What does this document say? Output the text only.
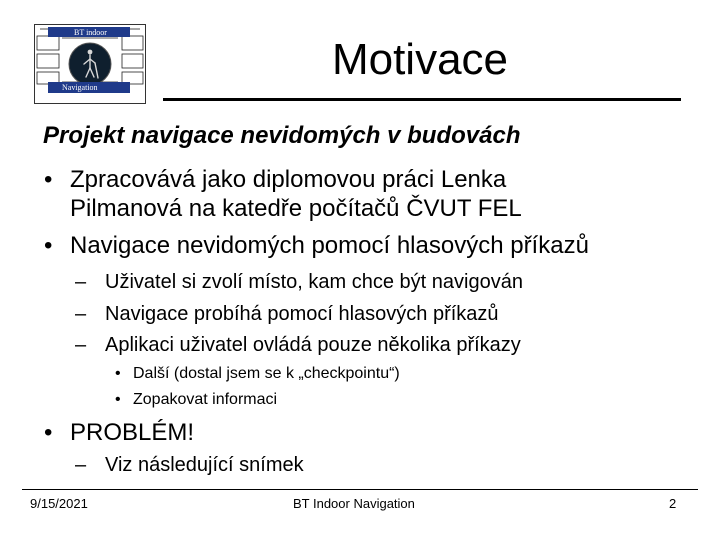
BT indoor
Navigation
Motivace
Projekt navigace nevidomých v budovách
• Zpracovává jako diplomovou práci Lenka
Pilmanová na katedře počítačů ČVUT FEL
• Navigace nevidomých pomocí hlasových příkazů
– Uživatel si zvolí místo, kam chce být navigován
– Navigace probíhá pomocí hlasových příkazů
– Aplikaci uživatel ovládá pouze několika příkazy
• Další (dostal jsem se k „checkpointu“)
• Zopakovat informaci
• PROBLÉM!
– Viz následující snímek
9/15/2021	BT Indoor Navigation	2
